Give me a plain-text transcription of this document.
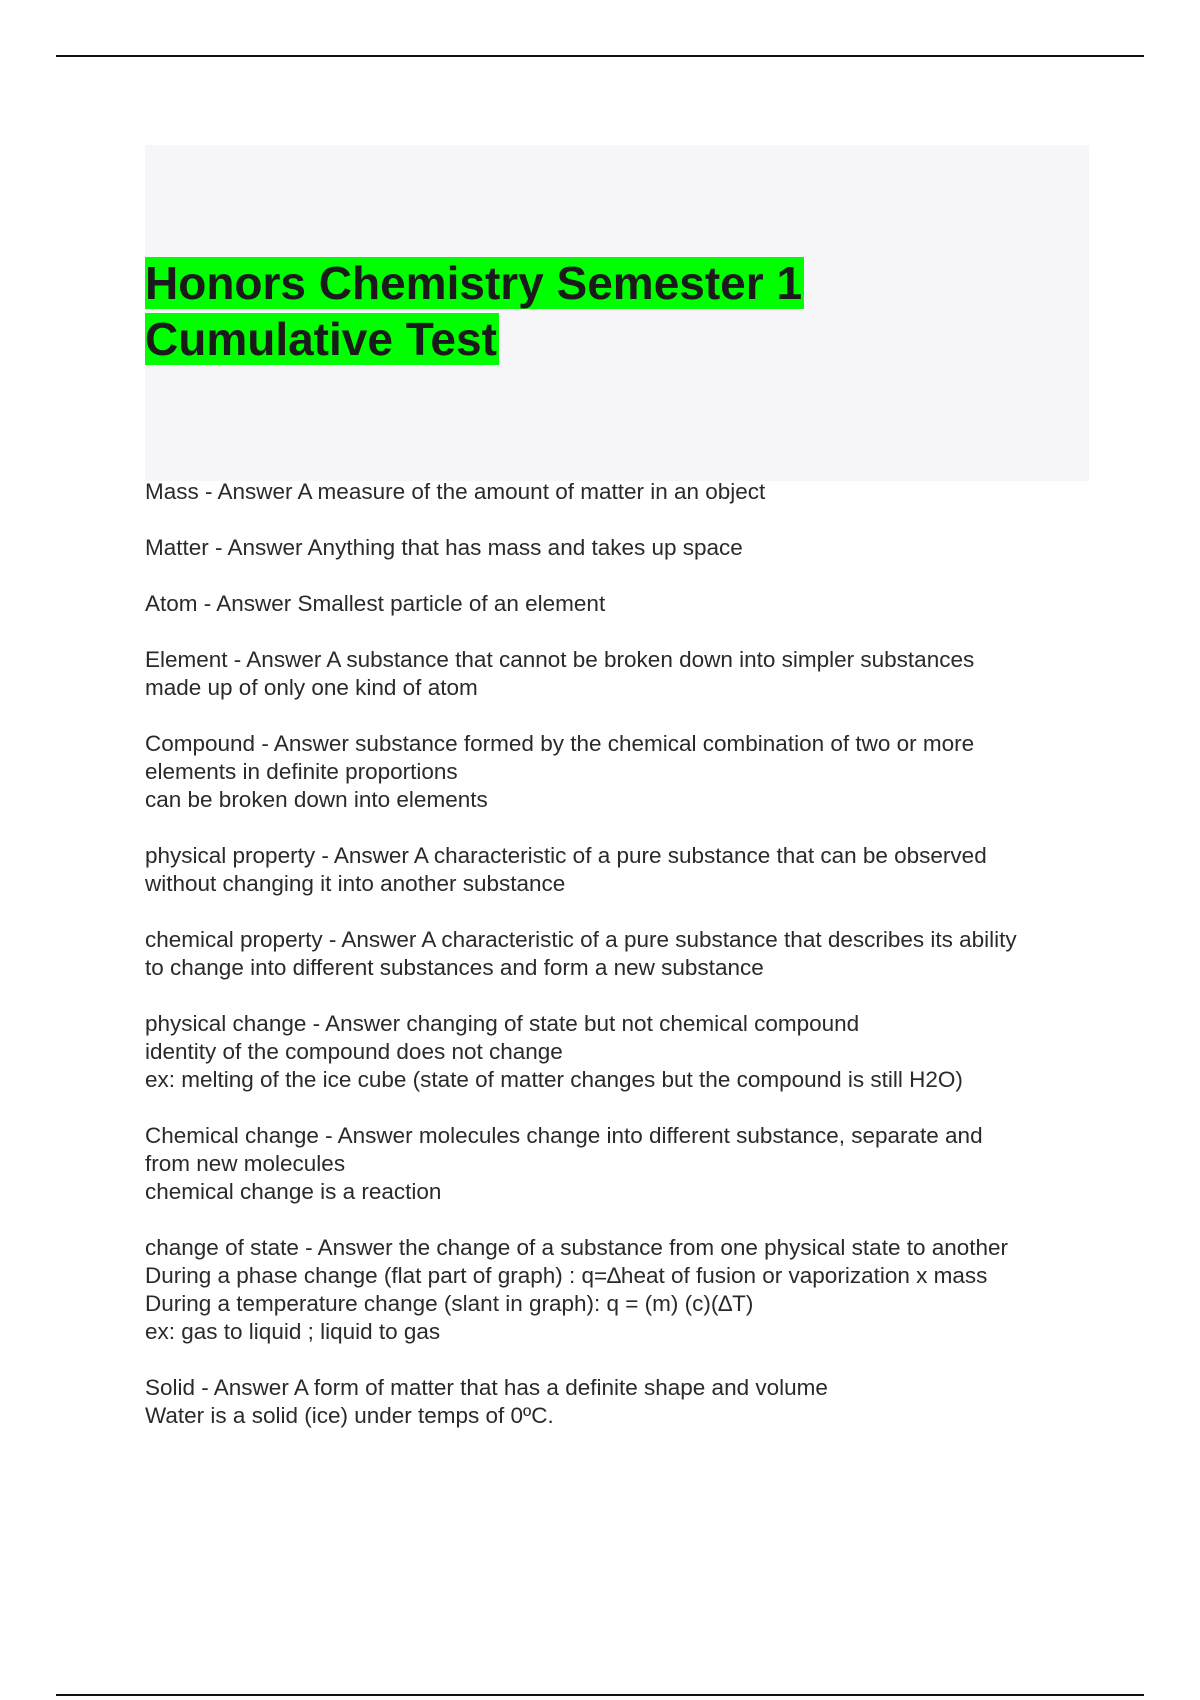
Honors Chemistry Semester 1
Cumulative Test

Mass - Answer A measure of the amount of matter in an object

Matter - Answer Anything that has mass and takes up space

Atom - Answer Smallest particle of an element

Element - Answer A substance that cannot be broken down into simpler substances
made up of only one kind of atom

Compound - Answer substance formed by the chemical combination of two or more
elements in definite proportions
can be broken down into elements

physical property - Answer A characteristic of a pure substance that can be observed
without changing it into another substance

chemical property - Answer A characteristic of a pure substance that describes its ability
to change into different substances and form a new substance

physical change - Answer changing of state but not chemical compound
identity of the compound does not change
ex: melting of the ice cube (state of matter changes but the compound is still H2O)

Chemical change - Answer molecules change into different substance, separate and
from new molecules
chemical change is a reaction

change of state - Answer the change of a substance from one physical state to another
During a phase change (flat part of graph) : q=∆heat of fusion or vaporization x mass
During a temperature change (slant in graph): q = (m) (c)(∆T)
ex: gas to liquid ; liquid to gas

Solid - Answer A form of matter that has a definite shape and volume
Water is a solid (ice) under temps of 0ºC.
